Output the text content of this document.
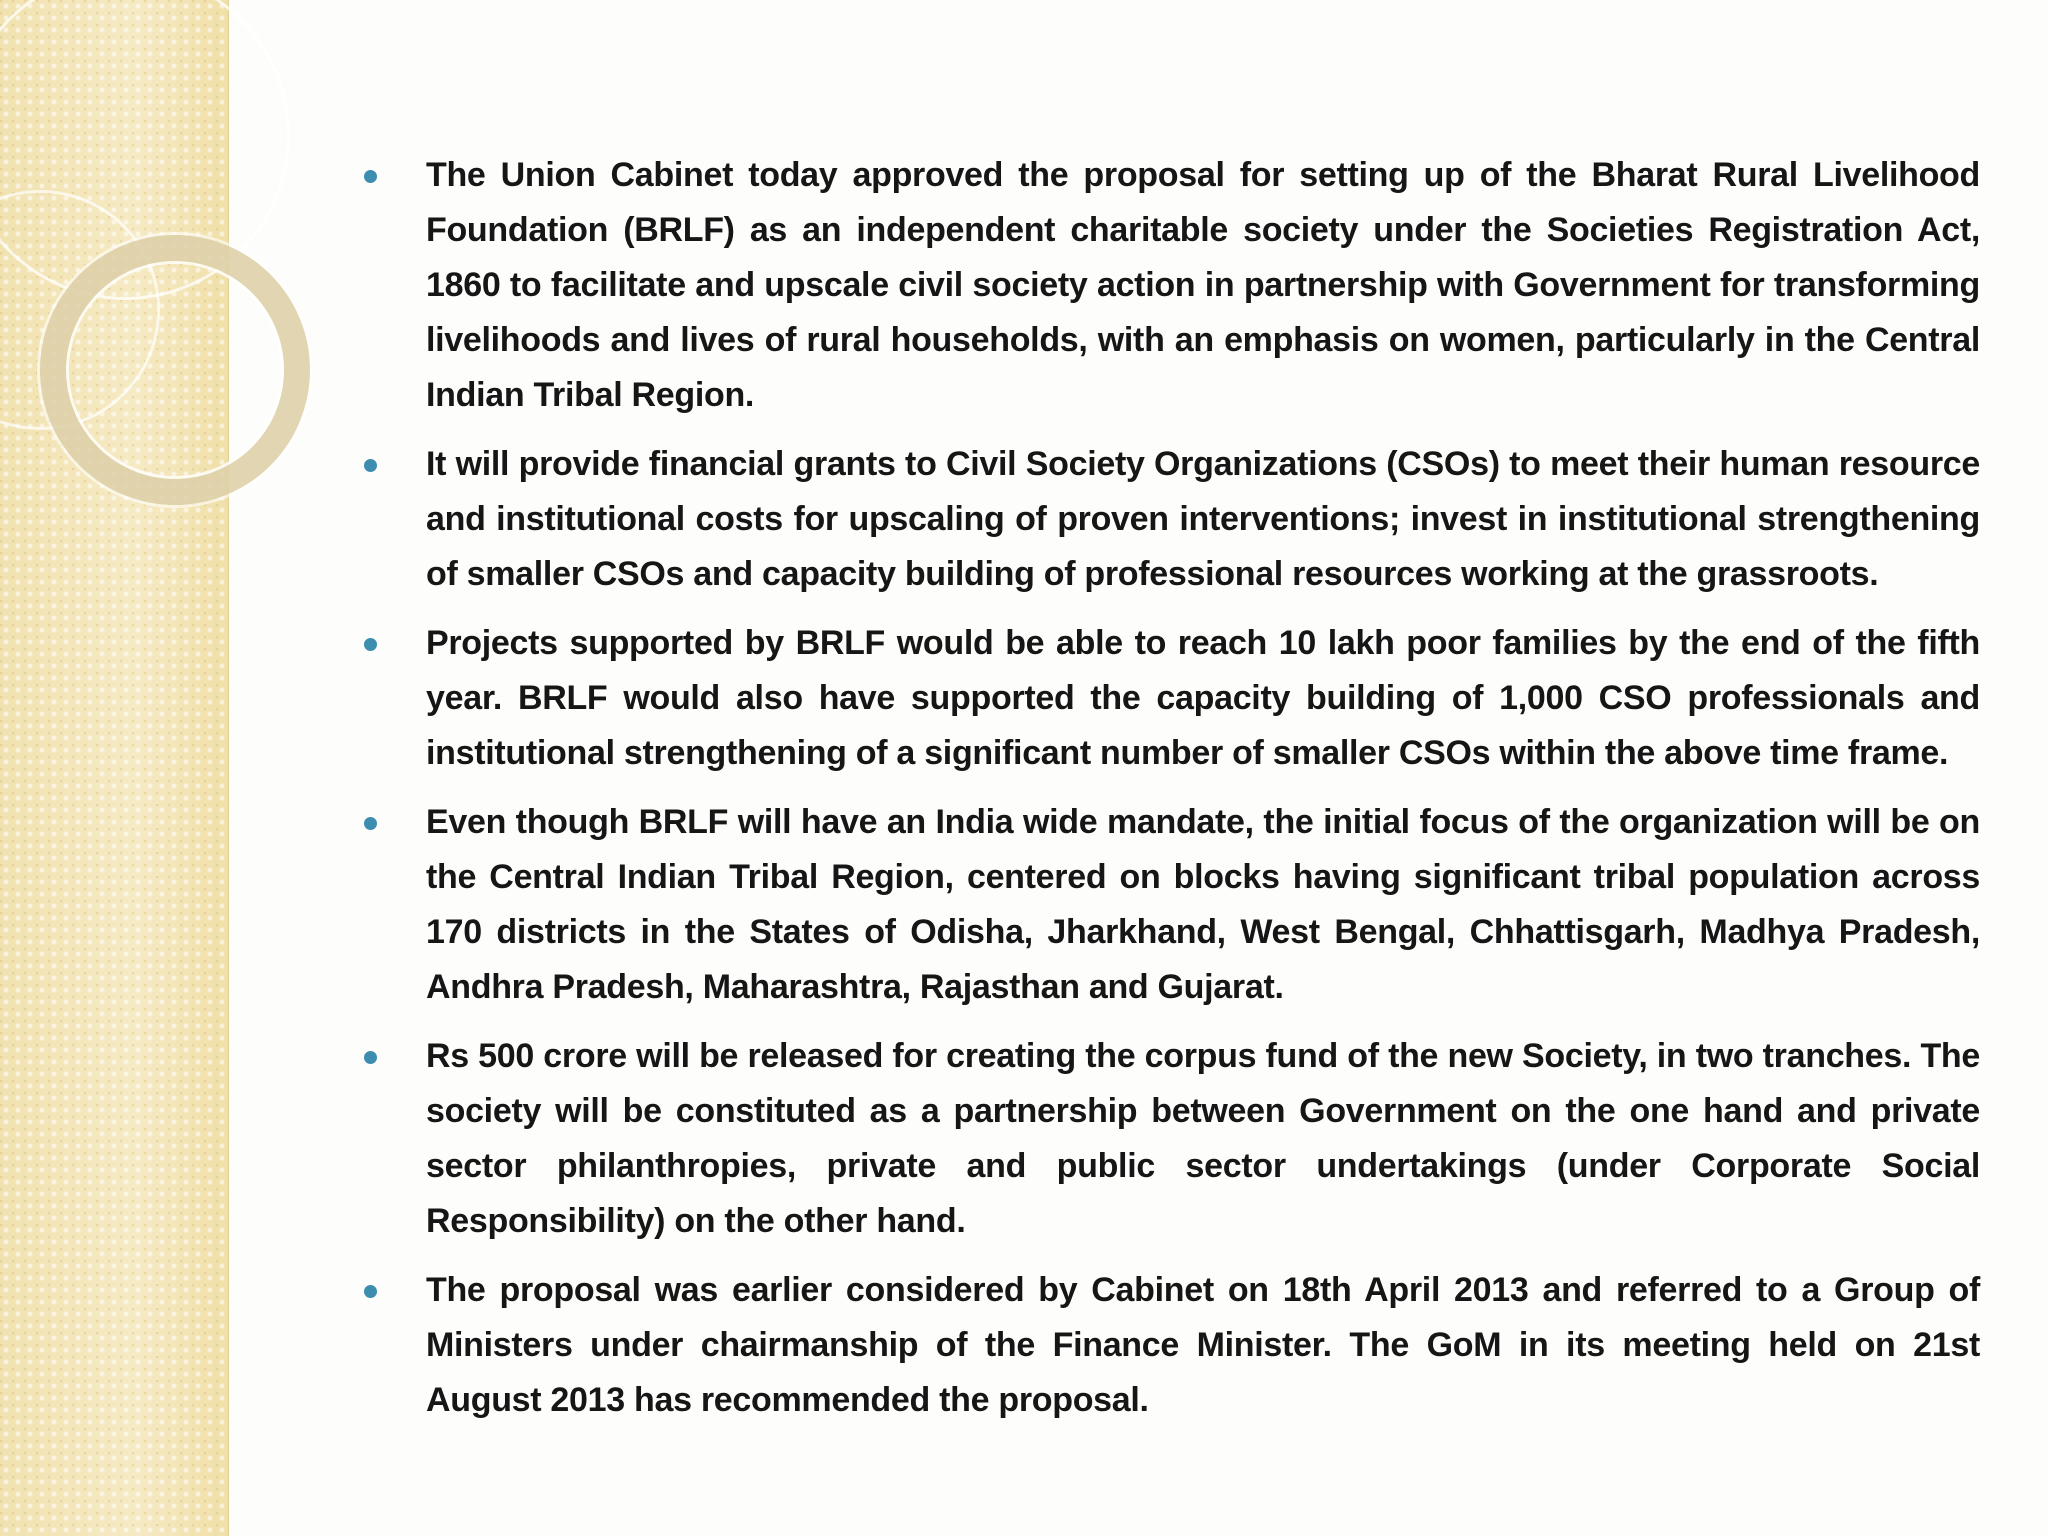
The Union Cabinet today approved the proposal for setting up of the Bharat Rural Livelihood Foundation (BRLF) as an independent charitable society under the Societies Registration Act, 1860 to facilitate and upscale civil society action in partnership with Government for transforming livelihoods and lives of rural households, with an emphasis on women, particularly in the Central Indian Tribal Region.
It will provide financial grants to Civil Society Organizations (CSOs) to meet their human resource and institutional costs for upscaling of proven interventions; invest in institutional strengthening of smaller CSOs and capacity building of professional resources working at the grassroots.
Projects supported by BRLF would be able to reach 10 lakh poor families by the end of the fifth year. BRLF would also have supported the capacity building of 1,000 CSO professionals and institutional strengthening of a significant number of smaller CSOs within the above time frame.
Even though BRLF will have an India wide mandate, the initial focus of the organization will be on the Central Indian Tribal Region, centered on blocks having significant tribal population across 170 districts in the States of Odisha, Jharkhand, West Bengal, Chhattisgarh, Madhya Pradesh, Andhra Pradesh, Maharashtra, Rajasthan and Gujarat.
Rs 500 crore will be released for creating the corpus fund of the new Society, in two tranches. The society will be constituted as a partnership between Government on the one hand and private sector philanthropies, private and public sector undertakings (under Corporate Social Responsibility) on the other hand.
The proposal was earlier considered by Cabinet on 18th April 2013 and referred to a Group of Ministers under chairmanship of the Finance Minister. The GoM in its meeting held on 21st August 2013 has recommended the proposal.
